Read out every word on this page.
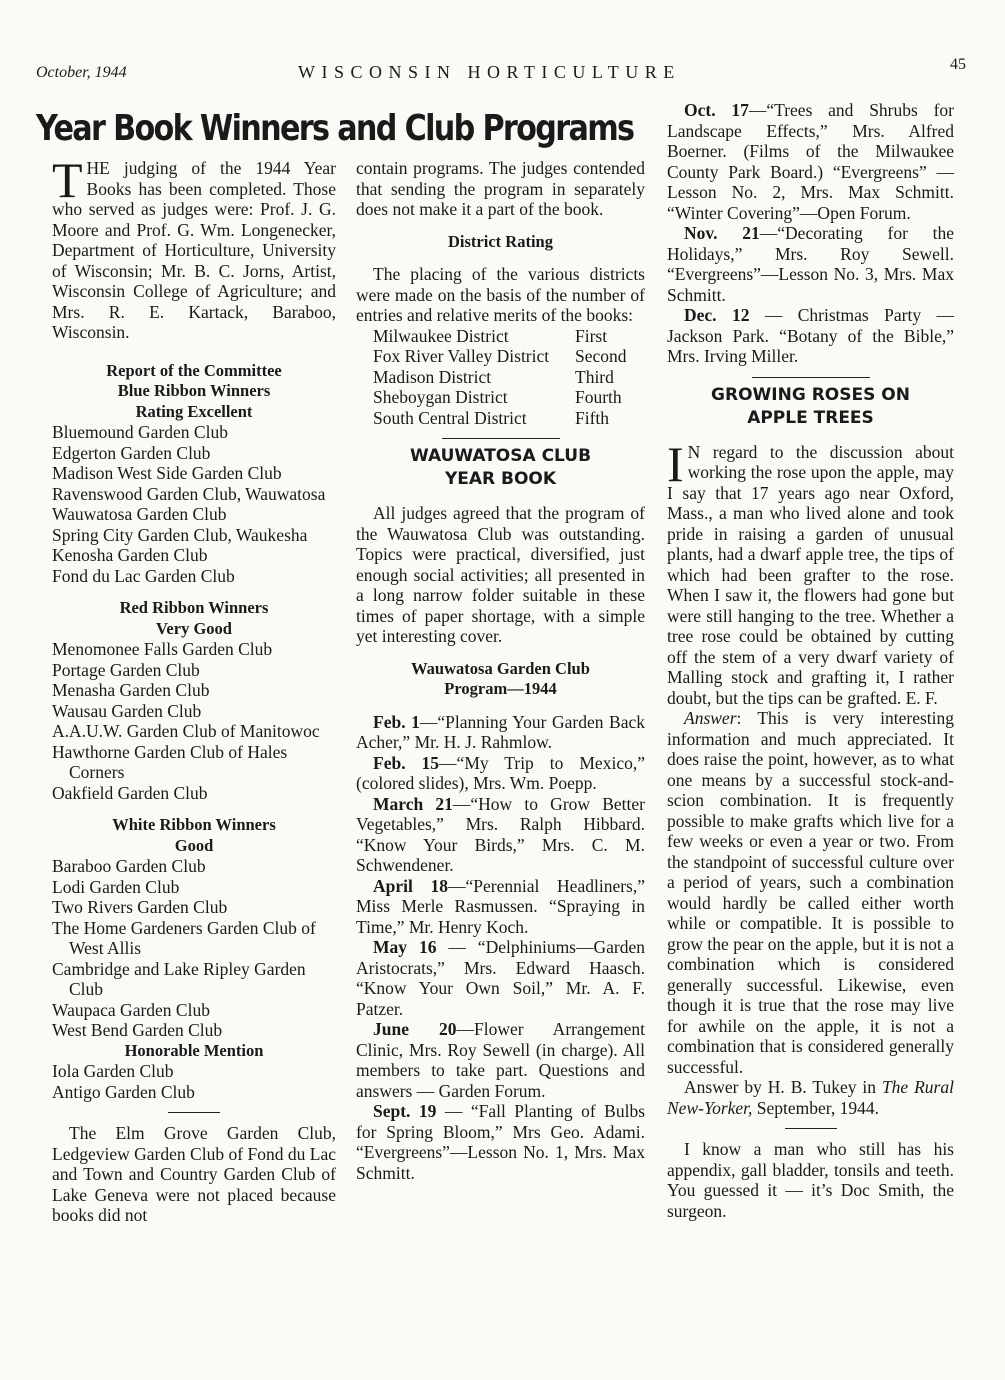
October, 1944	WISCONSIN HORTICULTURE	45
Year Book Winners and Club Programs

THE judging of the 1944 Year Books has been completed. Those who served as judges were: Prof. J. G. Moore and Prof. G. Wm. Longenecker, Department of Horticulture, University of Wisconsin; Mr. B. C. Jorns, Artist, Wisconsin College of Agriculture; and Mrs. R. E. Kartack, Baraboo, Wisconsin.

Report of the Committee
Blue Ribbon Winners
Rating Excellent

Bluemound Garden Club

Edgerton Garden Club

Madison West Side Garden Club

Ravenswood Garden Club, Wauwatosa

Wauwatosa Garden Club

Spring City Garden Club, Waukesha

Kenosha Garden Club

Fond du Lac Garden Club

Red Ribbon Winners
Very Good

Menomonee Falls Garden Club

Portage Garden Club

Menasha Garden Club

Wausau Garden Club

A.A.U.W. Garden Club of Manitowoc

Hawthorne Garden Club of Hales Corners

Oakfield Garden Club

White Ribbon Winners
Good

Baraboo Garden Club

Lodi Garden Club

Two Rivers Garden Club

The Home Gardeners Garden Club of West Allis

Cambridge and Lake Ripley Garden Club

Waupaca Garden Club

West Bend Garden Club

Honorable Mention

Iola Garden Club

Antigo Garden Club

The Elm Grove Garden Club, Ledgeview Garden Club of Fond du Lac and Town and Country Garden Club of Lake Geneva were not placed because books did not

contain programs. The judges contended that sending the program in separately does not make it a part of the book.

District Rating

The placing of the various districts were made on the basis of the number of entries and relative merits of the books:

Milwaukee District	First
Fox River Valley District	Second
Madison District	Third
Sheboygan District	Fourth
South Central District	Fifth
WAUWATOSA CLUB
YEAR BOOK

All judges agreed that the program of the Wauwatosa Club was outstanding. Topics were practical, diversified, just enough social activities; all presented in a long narrow folder suitable in these times of paper shortage, with a simple yet interesting cover.

Wauwatosa Garden Club
Program—1944

Feb. 1—“Planning Your Garden Back Acher,” Mr. H. J. Rahmlow.

Feb. 15—“My Trip to Mexico,” (colored slides), Mrs. Wm. Poepp.

March 21—“How to Grow Better Vegetables,” Mrs. Ralph Hibbard. “Know Your Birds,” Mrs. C. M. Schwendener.

April 18—“Perennial Headliners,” Miss Merle Rasmussen. “Spraying in Time,” Mr. Henry Koch.

May 16 — “Delphiniums—Garden Aristocrats,” Mrs. Edward Haasch. “Know Your Own Soil,” Mr. A. F. Patzer.

June 20—Flower Arrangement Clinic, Mrs. Roy Sewell (in charge). All members to take part. Questions and answers — Garden Forum.

Sept. 19 — “Fall Planting of Bulbs for Spring Bloom,” Mrs Geo. Adami. “Evergreens”—Lesson No. 1, Mrs. Max Schmitt.

Oct. 17—“Trees and Shrubs for Landscape Effects,” Mrs. Alfred Boerner. (Films of the Milwaukee County Park Board.) “Evergreens” —Lesson No. 2, Mrs. Max Schmitt. “Winter Covering”—Open Forum.

Nov. 21—“Decorating for the Holidays,” Mrs. Roy Sewell. “Evergreens”—Lesson No. 3, Mrs. Max Schmitt.

Dec. 12 — Christmas Party — Jackson Park. “Botany of the Bible,” Mrs. Irving Miller.

GROWING ROSES ON
APPLE TREES

I N regard to the discussion about working the rose upon the apple, may I say that 17 years ago near Oxford, Mass., a man who lived alone and took pride in raising a garden of unusual plants, had a dwarf apple tree, the tips of which had been grafter to the rose. When I saw it, the flowers had gone but were still hanging to the tree. Whether a tree rose could be obtained by cutting off the stem of a very dwarf variety of Malling stock and grafting it, I rather doubt, but the tips can be grafted. E. F.

Answer: This is very interesting information and much appreciated. It does raise the point, however, as to what one means by a successful stock-and-scion combination. It is frequently possible to make grafts which live for a few weeks or even a year or two. From the standpoint of successful culture over a period of years, such a combination would hardly be called either worth while or compatible. It is possible to grow the pear on the apple, but it is not a combination which is considered generally successful. Likewise, even though it is true that the rose may live for awhile on the apple, it is not a combination that is considered generally successful.

Answer by H. B. Tukey in The Rural New-Yorker, September, 1944.

I know a man who still has his appendix, gall bladder, tonsils and teeth. You guessed it — it’s Doc Smith, the surgeon.
